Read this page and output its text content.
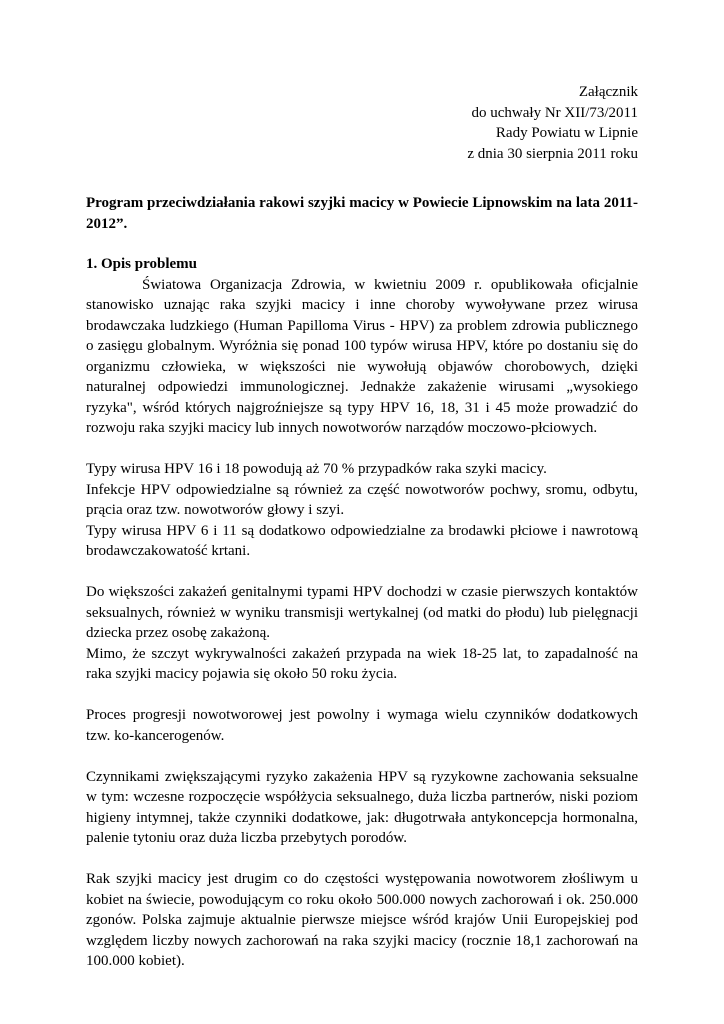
Załącznik
do uchwały Nr XII/73/2011
Rady Powiatu w Lipnie
z dnia 30 sierpnia 2011 roku
Program przeciwdziałania rakowi szyjki macicy w Powiecie Lipnowskim na lata 2011-2012”.
1. Opis problemu

Światowa Organizacja Zdrowia, w kwietniu 2009 r. opublikowała oficjalnie stanowisko uznając raka szyjki macicy i inne choroby wywoływane przez wirusa brodawczaka ludzkiego (Human Papilloma Virus - HPV) za problem zdrowia publicznego o zasięgu globalnym. Wyróżnia się ponad 100 typów wirusa HPV, które po dostaniu się do organizmu człowieka, w większości nie wywołują objawów chorobowych, dzięki naturalnej odpowiedzi immunologicznej. Jednakże zakażenie wirusami „wysokiego ryzyka", wśród których najgroźniejsze są typy HPV 16, 18, 31 i 45 może prowadzić do rozwoju raka szyjki macicy lub innych nowotworów narządów moczowo-płciowych.

Typy wirusa HPV 16 i 18 powodują aż 70 % przypadków raka szyki macicy.

Infekcje HPV odpowiedzialne są również za część nowotworów pochwy, sromu, odbytu, prącia oraz tzw. nowotworów głowy i szyi.

Typy wirusa HPV 6 i 11 są dodatkowo odpowiedzialne za brodawki płciowe i nawrotową brodawczakowatość krtani.

Do większości zakażeń genitalnymi typami HPV dochodzi w czasie pierwszych kontaktów seksualnych, również w wyniku transmisji wertykalnej (od matki do płodu) lub pielęgnacji dziecka przez osobę zakażoną.

Mimo, że szczyt wykrywalności zakażeń przypada na wiek 18-25 lat, to zapadalność na raka szyjki macicy pojawia się około 50 roku życia.

Proces progresji nowotworowej jest powolny i wymaga wielu czynników dodatkowych tzw. ko-kancerogenów.

Czynnikami zwiększającymi ryzyko zakażenia HPV są ryzykowne zachowania seksualne w tym: wczesne rozpoczęcie współżycia seksualnego, duża liczba partnerów, niski poziom higieny intymnej, także czynniki dodatkowe, jak: długotrwała antykoncepcja hormonalna, palenie tytoniu oraz duża liczba przebytych porodów.

Rak szyjki macicy jest drugim co do częstości występowania nowotworem złośliwym u kobiet na świecie, powodującym co roku około 500.000 nowych zachorowań i ok. 250.000 zgonów. Polska zajmuje aktualnie pierwsze miejsce wśród krajów Unii Europejskiej pod względem liczby nowych zachorowań na raka szyjki macicy (rocznie 18,1 zachorowań na 100.000 kobiet).
